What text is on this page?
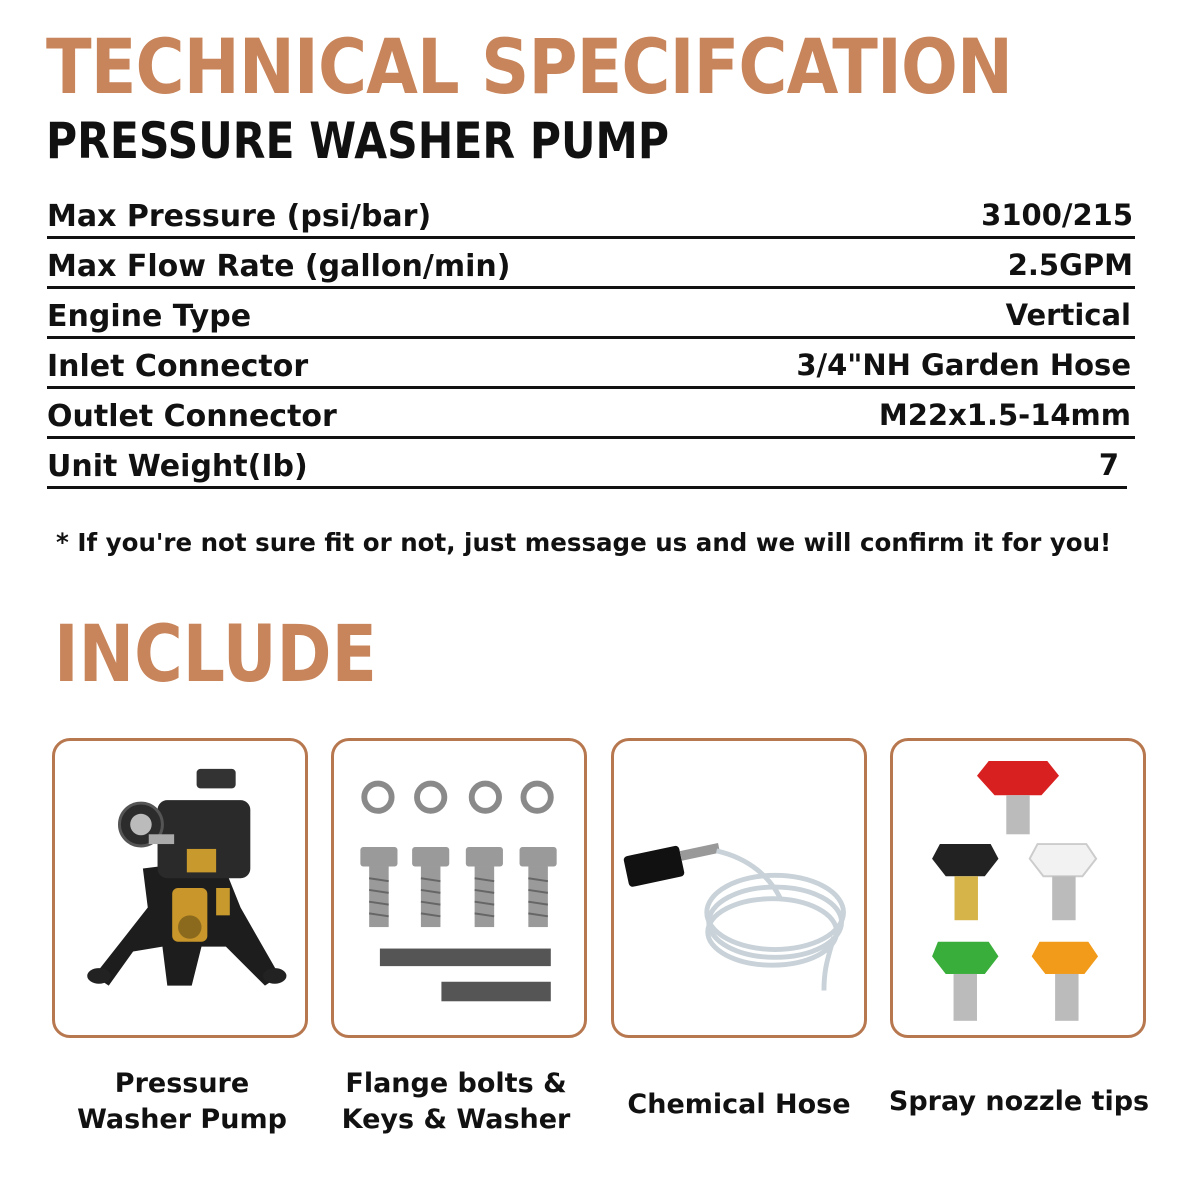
TECHNICAL SPECIFCATION
PRESSURE WASHER PUMP
Max Pressure (psi/bar)	3100/215
Max Flow Rate (gallon/min)	2.5GPM
Engine Type	Vertical
Inlet Connector	3/4"NH Garden Hose
Outlet Connector	M22x1.5-14mm
Unit Weight(Ib)	7
* If you're not sure fit or not, just message us and we will confirm it for you!
INCLUDE
Pressure
Washer Pump
Flange bolts &
Keys & Washer	Chemical Hose	Spray nozzle tips
